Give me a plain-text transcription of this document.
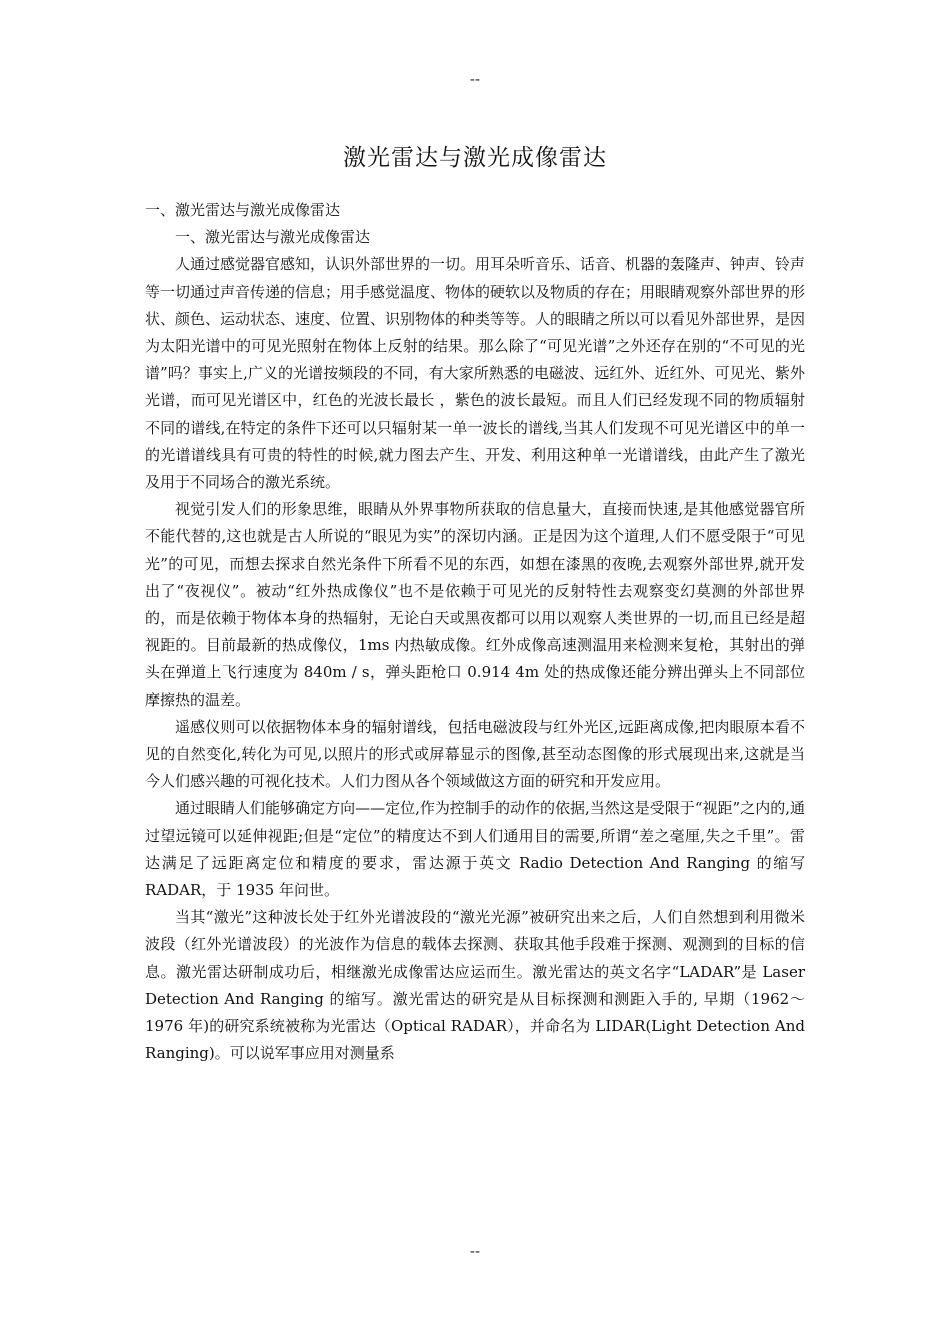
--
激光雷达与激光成像雷达

一、激光雷达与激光成像雷达

一、激光雷达与激光成像雷达

人通过感觉器官感知，认识外部世界的一切。用耳朵听音乐、话音、机器的轰隆声、钟声、铃声等一切通过声音传递的信息；用手感觉温度、物体的硬软以及物质的存在；用眼睛观察外部世界的形状、颜色、运动状态、速度、位置、识别物体的种类等等。人的眼睛之所以可以看见外部世界，是因为太阳光谱中的可见光照射在物体上反射的结果。那么除了“可见光谱”之外还存在别的“不可见的光谱”吗？事实上,广义的光谱按频段的不同，有大家所熟悉的电磁波、远红外、近红外、可见光、紫外光谱，而可见光谱区中，红色的光波长最长 ，紫色的波长最短。而且人们已经发现不同的物质辐射不同的谱线,在特定的条件下还可以只辐射某一单一波长的谱线,当其人们发现不可见光谱区中的单一的光谱谱线具有可贵的特性的时候,就力图去产生、开发、利用这种单一光谱谱线，由此产生了激光及用于不同场合的激光系统。

视觉引发人们的形象思维，眼睛从外界事物所获取的信息量大，直接而快速,是其他感觉器官所不能代替的,这也就是古人所说的“眼见为实”的深切内涵。正是因为这个道理,人们不愿受限于“可见光”的可见，而想去探求自然光条件下所看不见的东西，如想在漆黑的夜晚,去观察外部世界,就开发出了“夜视仪”。被动“红外热成像仪”也不是依赖于可见光的反射特性去观察变幻莫测的外部世界的，而是依赖于物体本身的热辐射，无论白天或黑夜都可以用以观察人类世界的一切,而且已经是超视距的。目前最新的热成像仪，1ms 内热敏成像。红外成像高速测温用来检测来复枪，其射出的弹头在弹道上飞行速度为 840m / s，弹头距枪口 0.914 4m 处的热成像还能分辨出弹头上不同部位摩擦热的温差。

遥感仪则可以依据物体本身的辐射谱线，包括电磁波段与红外光区,远距离成像,把肉眼原本看不见的自然变化,转化为可见,以照片的形式或屏幕显示的图像,甚至动态图像的形式展现出来,这就是当今人们感兴趣的可视化技术。人们力图从各个领域做这方面的研究和开发应用。

通过眼睛人们能够确定方向——定位,作为控制手的动作的依据,当然这是受限于“视距”之内的,通过望远镜可以延伸视距;但是“定位”的精度达不到人们通用目的需要,所谓“差之毫厘,失之千里”。雷达满足了远距离定位和精度的要求，雷达源于英文 Radio Detection And Ranging 的缩写 RADAR，于 1935 年问世。

当其“激光”这种波长处于红外光谱波段的“激光光源”被研究出来之后，人们自然想到利用微米波段（红外光谱波段）的光波作为信息的载体去探测、获取其他手段难于探测、观测到的目标的信息。激光雷达研制成功后，相继激光成像雷达应运而生。激光雷达的英文名字“LADAR”是 Laser Detection And Ranging 的缩写。激光雷达的研究是从目标探测和测距入手的, 早期（1962～1976 年)的研究系统被称为光雷达（Optical RADAR），并命名为 LIDAR(Light Detection And Ranging)。可以说军事应用对测量系

--
